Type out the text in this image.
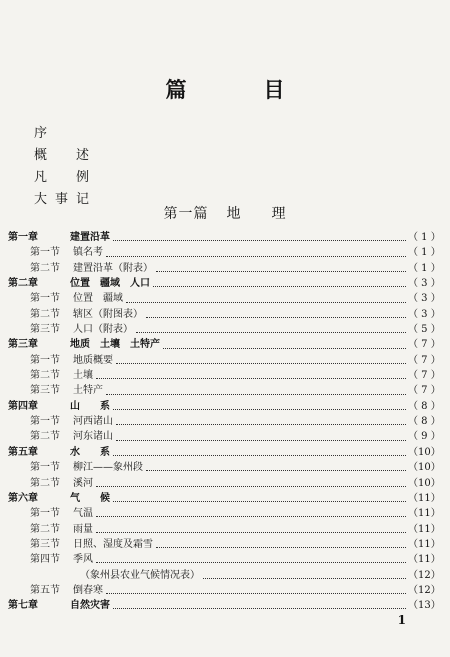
篇　目
序
概　述
凡　例
大事记
第一篇 地　　理
第一章	建置沿革	（ 1 ）
第一节 镇名考	（ 1 ）
第二节 建置沿革（附表）	（ 1 ）
第二章	位置　疆域　人口	（ 3 ）
第一节 位置　疆域	（ 3 ）
第二节 辖区（附图表）	（ 3 ）
第三节 人口（附表）	（ 5 ）
第三章	地质　土壤　土特产	（ 7 ）
第一节 地质概要	（ 7 ）
第二节 土壤	（ 7 ）
第三节 土特产	（ 7 ）
第四章	山　　系	（ 8 ）
第一节 河西诸山	（ 8 ）
第二节 河东诸山	（ 9 ）
第五章	水　　系	（10）
第一节 柳江——象州段	（10）
第二节 溪河	（10）
第六章	气　　候	（11）
第一节 气温	（11）
第二节 雨量	（11）
第三节 日照、湿度及霜雪	（11）
第四节 季风	（11）
（象州县农业气候情况表）	（12）
第五节 倒春寒	（12）
第七章	自然灾害	（13）
1
